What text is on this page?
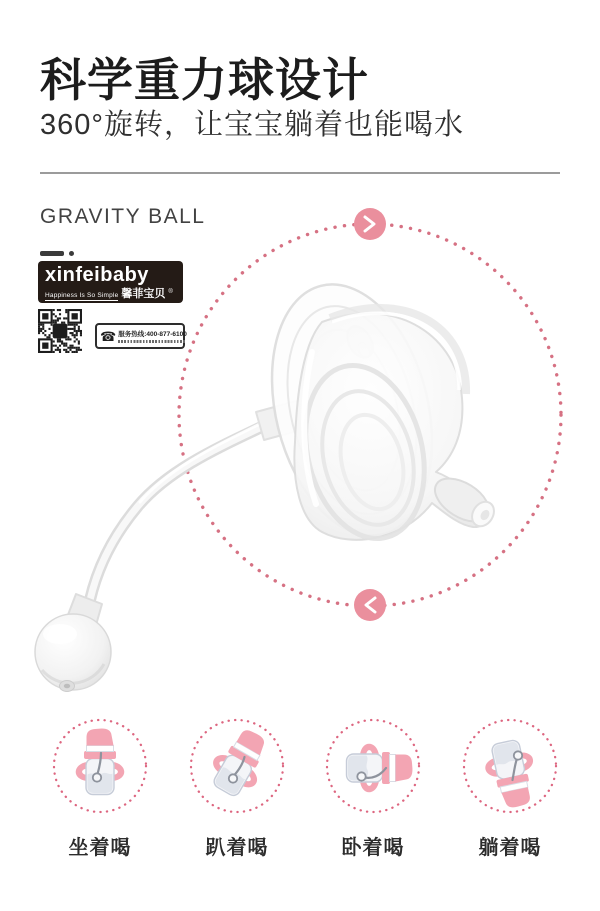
科学重力球设计
360°旋转，让宝宝躺着也能喝水
GRAVITY BALL
xinfeibaby
Happiness Is So Simple 馨菲宝贝 ®
☎ 服务热线:400-877-6100
坐着喝	趴着喝	卧着喝	躺着喝
